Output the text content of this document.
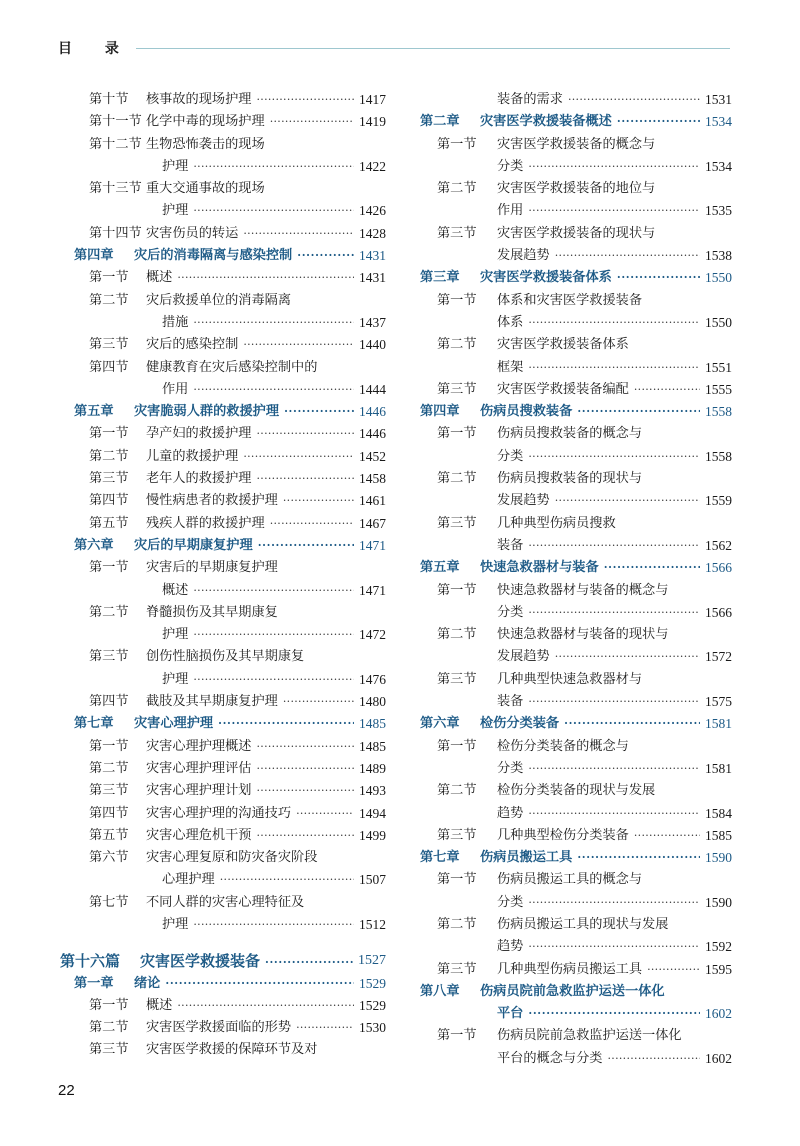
目 录
第十节 核事故的现场护理 · · ·	1417
第十一节 化学中毒的现场护理 · · ·	1419
第十二节 生物恐怖袭击的现场
护理 · · ·	1422
第十三节 重大交通事故的现场
护理 · · ·	1426
第十四节 灾害伤员的转运 · · ·	1428
第四章 灾后的消毒隔离与感染控制 · · ·	1431
第一节 概述 · · ·	1431
第二节 灾后救援单位的消毒隔离
措施 · · ·	1437
第三节 灾后的感染控制 · · ·	1440
第四节 健康教育在灾后感染控制中的
作用 · · ·	1444
第五章 灾害脆弱人群的救援护理 · · ·	1446
第一节 孕产妇的救援护理 · · ·	1446
第二节 儿童的救援护理 · · ·	1452
第三节 老年人的救援护理 · · ·	1458
第四节 慢性病患者的救援护理 · · ·	1461
第五节 残疾人群的救援护理 · · ·	1467
第六章 灾后的早期康复护理 · · ·	1471
第一节 灾害后的早期康复护理
概述 · · ·	1471
第二节 脊髓损伤及其早期康复
护理 · · ·	1472
第三节 创伤性脑损伤及其早期康复
护理 · · ·	1476
第四节 截肢及其早期康复护理 · · ·	1480
第七章 灾害心理护理 · · ·	1485
第一节 灾害心理护理概述 · · ·	1485
第二节 灾害心理护理评估 · · ·	1489
第三节 灾害心理护理计划 · · ·	1493
第四节 灾害心理护理的沟通技巧 · · ·	1494
第五节 灾害心理危机干预 · · ·	1499
第六节 灾害心理复原和防灾备灾阶段
心理护理 · · ·	1507
第七节 不同人群的灾害心理特征及
护理 · · ·	1512
第十六篇 灾害医学救援装备 · · ·	1527
第一章 绪论 · · ·	1529
第一节 概述 · · ·	1529
第二节 灾害医学救援面临的形势 · · ·	1530
第三节 灾害医学救援的保障环节及对
装备的需求 · · ·	1531
第二章 灾害医学救援装备概述 · · ·	1534
第一节 灾害医学救援装备的概念与
分类 · · ·	1534
第二节 灾害医学救援装备的地位与
作用 · · ·	1535
第三节 灾害医学救援装备的现状与
发展趋势 · · ·	1538
第三章 灾害医学救援装备体系 · · ·	1550
第一节 体系和灾害医学救援装备
体系 · · ·	1550
第二节 灾害医学救援装备体系
框架 · · ·	1551
第三节 灾害医学救援装备编配 · · ·	1555
第四章 伤病员搜救装备 · · ·	1558
第一节 伤病员搜救装备的概念与
分类 · · ·	1558
第二节 伤病员搜救装备的现状与
发展趋势 · · ·	1559
第三节 几种典型伤病员搜救
装备 · · ·	1562
第五章 快速急救器材与装备 · · ·	1566
第一节 快速急救器材与装备的概念与
分类 · · ·	1566
第二节 快速急救器材与装备的现状与
发展趋势 · · ·	1572
第三节 几种典型快速急救器材与
装备 · · ·	1575
第六章 检伤分类装备 · · ·	1581
第一节 检伤分类装备的概念与
分类 · · ·	1581
第二节 检伤分类装备的现状与发展
趋势 · · ·	1584
第三节 几种典型检伤分类装备 · · ·	1585
第七章 伤病员搬运工具 · · ·	1590
第一节 伤病员搬运工具的概念与
分类 · · ·	1590
第二节 伤病员搬运工具的现状与发展
趋势 · · ·	1592
第三节 几种典型伤病员搬运工具 · · ·	1595
第八章 伤病员院前急救监护运送一体化
平台 · · ·	1602
第一节 伤病员院前急救监护运送一体化
平台的概念与分类 · · ·	1602
22
